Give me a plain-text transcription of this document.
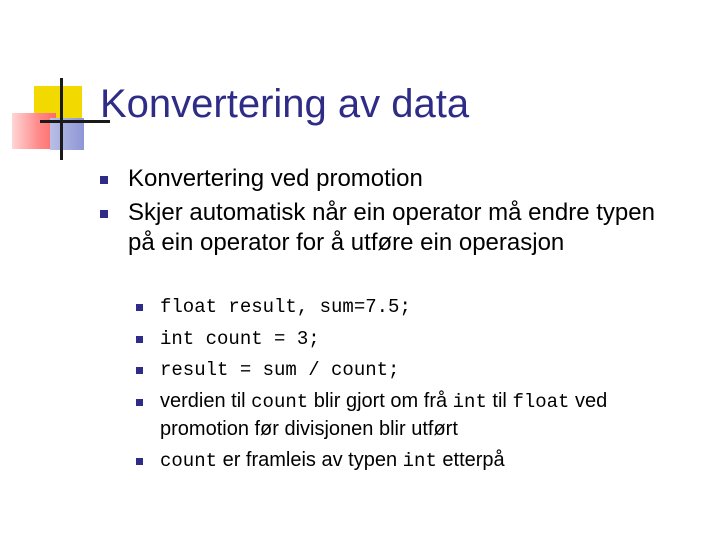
Konvertering av data
Konvertering ved promotion
Skjer automatisk når ein operator må endre typen på ein operator for å utføre ein operasjon
float result, sum=7.5;
int count = 3;
result = sum / count;
verdien til count blir gjort om frå int til float ved promotion før divisjonen blir utført
count er framleis av typen int etterpå
